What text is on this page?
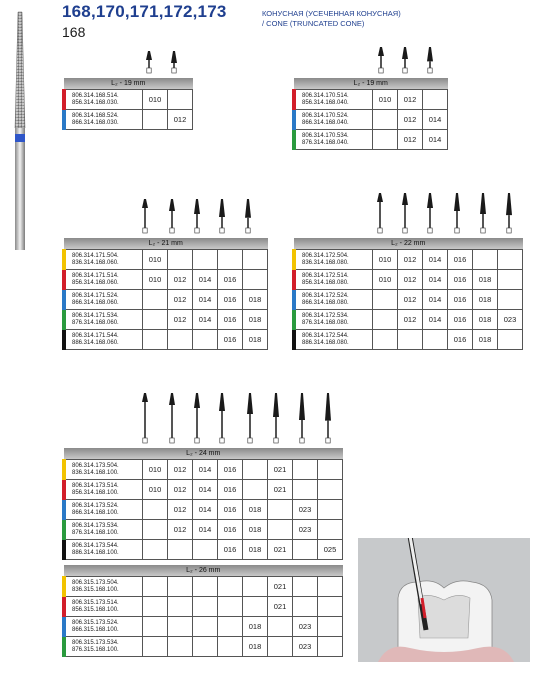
168,170,171,172,173
168
КОНУСНАЯ (УСЕЧЕННАЯ КОНУСНАЯ)
/ CONE (TRUNCATED CONE)
L₂ - 19 mm		
806.314.168.514.
856.314.168.030.	010	
806.314.168.524.
866.314.168.030.		012
L₂ - 19 mm			
806.314.170.514.
856.314.168.040.	010	012	
806.314.170.524.
866.314.168.040.		012	014
806.314.170.534.
876.314.168.040.		012	014
L₂ - 21 mm					
806.314.171.504.
836.314.168.060.	010				
806.314.171.514.
856.314.168.060.	010	012	014	016	
806.314.171.524.
866.314.168.060.		012	014	016	018
806.314.171.534.
876.314.168.060.		012	014	016	018
806.314.171.544.
886.314.168.060.				016	018
L₂ - 22 mm						
806.314.172.504.
836.314.168.080.	010	012	014	016		
806.314.172.514.
856.314.168.080.	010	012	014	016	018	
806.314.172.524.
866.314.168.080.		012	014	016	018	
806.314.172.534.
876.314.168.080.		012	014	016	018	023
806.314.172.544.
886.314.168.080.				016	018	
L₂ - 24 mm								
806.314.173.504.
836.314.168.100.	010	012	014	016		021		
806.314.173.514.
856.314.168.100.	010	012	014	016		021		
806.314.173.524.
866.314.168.100.		012	014	016	018		023	
806.314.173.534.
876.314.168.100.		012	014	016	018		023	
806.314.173.544.
886.314.168.100.				016	018	021		025
L₂ - 26 mm								
806.315.173.504.
836.315.168.100.						021		
806.315.173.514.
856.315.168.100.						021		
806.315.173.524.
866.315.168.100.					018		023	
806.315.173.534.
876.315.168.100.					018		023	
